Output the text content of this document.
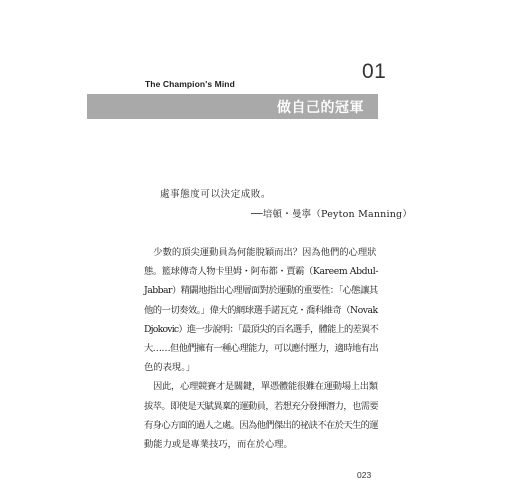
The Champion's Mind
01
做自己的冠軍
處事態度可以決定成敗。
──培頓・曼寧（Peyton Manning）

　少數的頂尖運動員為何能脫穎而出？因為他們的心理狀
態。籃球傳奇人物卡里姆・阿布都・賈霸（Kareem Abdul-
Jabbar）精闢地指出心理層面對於運動的重要性：「心態讓其
他的一切奏效。」偉大的網球選手諾瓦克・喬科維奇（Novak
Djokovic）進一步說明：「最頂尖的百名選手，體能上的差異不
大……但他們擁有一種心理能力，可以應付壓力，適時地有出
色的表現。」

　因此，心理競賽才是關鍵，單憑體能很難在運動場上出類
拔萃。即使是天賦異稟的運動員，若想充分發揮潛力，也需要
有身心方面的過人之處。因為他們傑出的祕訣不在於天生的運
動能力或是專業技巧，而在於心理。

023
